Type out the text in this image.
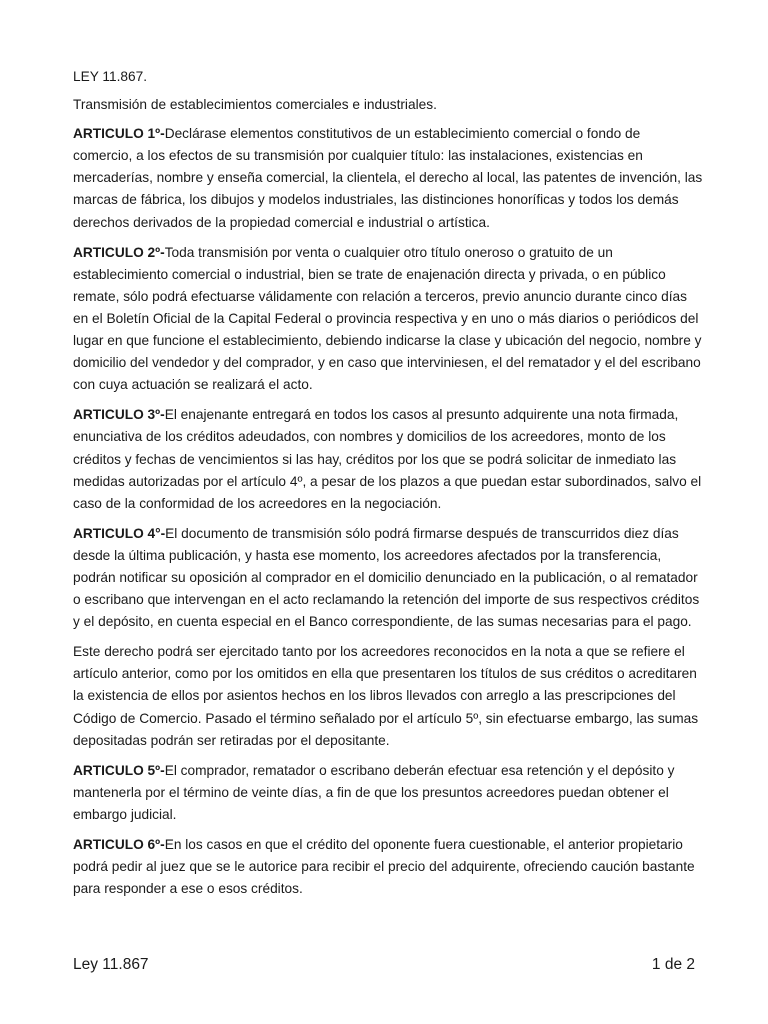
LEY 11.867.

Transmisión de establecimientos comerciales e industriales.

ARTICULO 1º-Declárase elementos constitutivos de un establecimiento comercial o fondo de comercio, a los efectos de su transmisión por cualquier título: las instalaciones, existencias en mercaderías, nombre y enseña comercial, la clientela, el derecho al local, las patentes de invención, las marcas de fábrica, los dibujos y modelos industriales, las distinciones honoríficas y todos los demás derechos derivados de la propiedad comercial e industrial o artística.

ARTICULO 2º-Toda transmisión por venta o cualquier otro título oneroso o gratuito de un establecimiento comercial o industrial, bien se trate de enajenación directa y privada, o en público remate, sólo podrá efectuarse válidamente con relación a terceros, previo anuncio durante cinco días en el Boletín Oficial de la Capital Federal o provincia respectiva y en uno o más diarios o periódicos del lugar en que funcione el establecimiento, debiendo indicarse la clase y ubicación del negocio, nombre y domicilio del vendedor y del comprador, y en caso que interviniesen, el del rematador y el del escribano con cuya actuación se realizará el acto.

ARTICULO 3º-El enajenante entregará en todos los casos al presunto adquirente una nota firmada, enunciativa de los créditos adeudados, con nombres y domicilios de los acreedores, monto de los créditos y fechas de vencimientos si las hay, créditos por los que se podrá solicitar de inmediato las medidas autorizadas por el artículo 4º, a pesar de los plazos a que puedan estar subordinados, salvo el caso de la conformidad de los acreedores en la negociación.

ARTICULO 4°-El documento de transmisión sólo podrá firmarse después de transcurridos diez días desde la última publicación, y hasta ese momento, los acreedores afectados por la transferencia, podrán notificar su oposición al comprador en el domicilio denunciado en la publicación, o al rematador o escribano que intervengan en el acto reclamando la retención del importe de sus respectivos créditos y el depósito, en cuenta especial en el Banco correspondiente, de las sumas necesarias para el pago.

Este derecho podrá ser ejercitado tanto por los acreedores reconocidos en la nota a que se refiere el artículo anterior, como por los omitidos en ella que presentaren los títulos de sus créditos o acreditaren la existencia de ellos por asientos hechos en los libros llevados con arreglo a las prescripciones del Código de Comercio. Pasado el término señalado por el artículo 5º, sin efectuarse embargo, las sumas depositadas podrán ser retiradas por el depositante.

ARTICULO 5º-El comprador, rematador o escribano deberán efectuar esa retención y el depósito y mantenerla por el término de veinte días, a fin de que los presuntos acreedores puedan obtener el embargo judicial.

ARTICULO 6º-En los casos en que el crédito del oponente fuera cuestionable, el anterior propietario podrá pedir al juez que se le autorice para recibir el precio del adquirente, ofreciendo caución bastante para responder a ese o esos créditos.

Ley 11.867	1 de 2
